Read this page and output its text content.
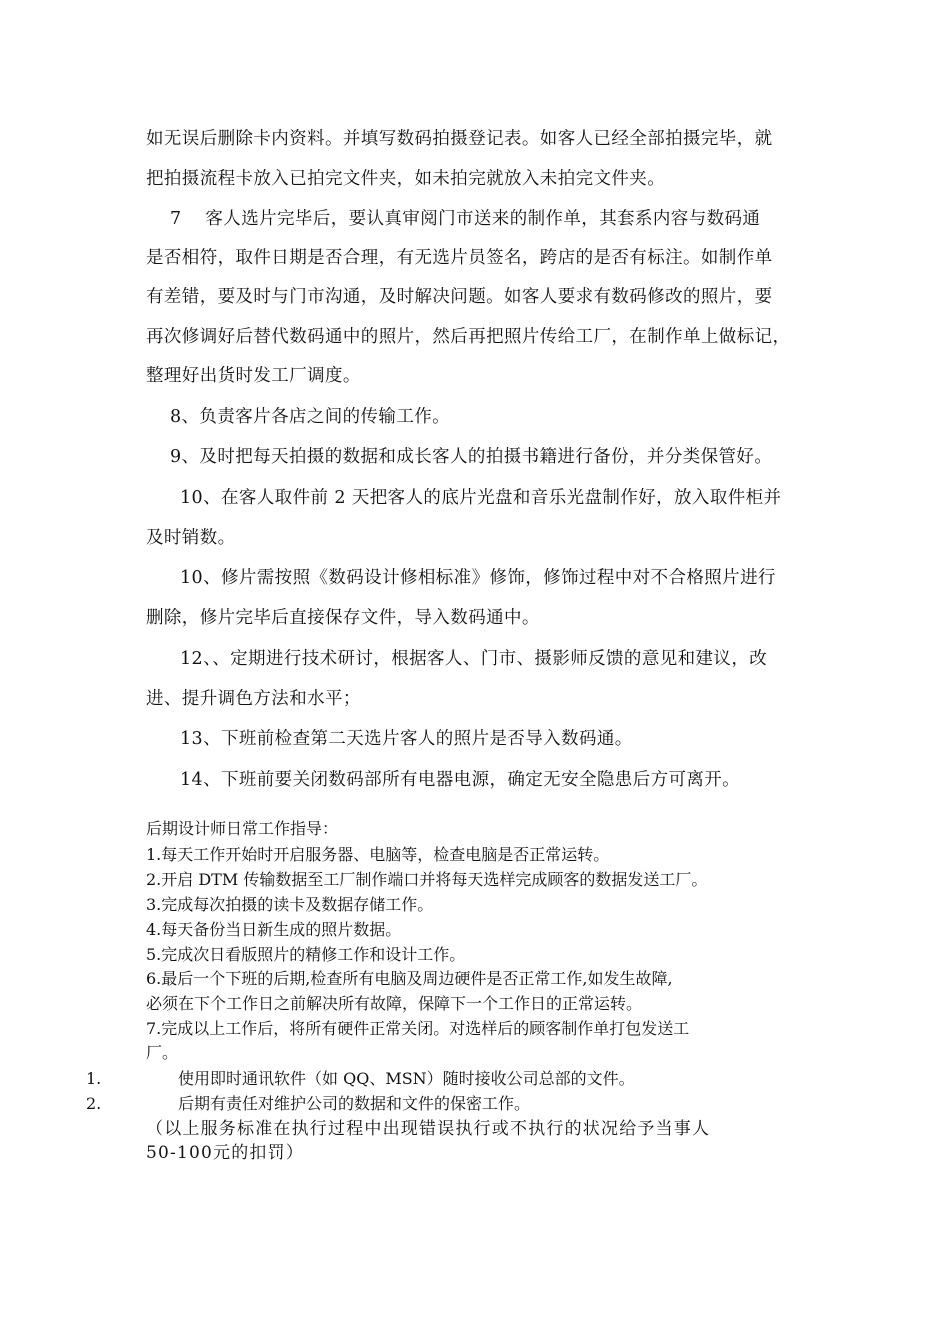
如无误后删除卡内资料。并填写数码拍摄登记表。如客人已经全部拍摄完毕，就
把拍摄流程卡放入已拍完文件夹，如未拍完就放入未拍完文件夹。
7　 客人选片完毕后，要认真审阅门市送来的制作单，其套系内容与数码通
是否相符，取件日期是否合理，有无选片员签名，跨店的是否有标注。如制作单
有差错，要及时与门市沟通，及时解决问题。如客人要求有数码修改的照片，要
再次修调好后替代数码通中的照片，然后再把照片传给工厂，在制作单上做标记，
整理好出货时发工厂调度。
8、负责客片各店之间的传输工作。
9、及时把每天拍摄的数据和成长客人的拍摄书籍进行备份，并分类保管好。
10、在客人取件前 2 天把客人的底片光盘和音乐光盘制作好，放入取件柜并
及时销数。
10、修片需按照《数码设计修相标准》修饰，修饰过程中对不合格照片进行
删除，修片完毕后直接保存文件，导入数码通中。
12、、定期进行技术研讨，根据客人、门市、摄影师反馈的意见和建议，改
进、提升调色方法和水平；
13、下班前检查第二天选片客人的照片是否导入数码通。
14、下班前要关闭数码部所有电器电源，确定无安全隐患后方可离开。
后期设计师日常工作指导：
1.每天工作开始时开启服务器、电脑等，检查电脑是否正常运转。
2.开启 DTM 传输数据至工厂制作端口并将每天选样完成顾客的数据发送工厂。
3.完成每次拍摄的读卡及数据存储工作。
4.每天备份当日新生成的照片数据。
5.完成次日看版照片的精修工作和设计工作。
6.最后一个下班的后期,检查所有电脑及周边硬件是否正常工作,如发生故障,
必须在下个工作日之前解决所有故障，保障下一个工作日的正常运转。
7.完成以上工作后，将所有硬件正常关闭。对选样后的顾客制作单打包发送工
厂。
1.	使用即时通讯软件（如 QQ、MSN）随时接收公司总部的文件。
2.	后期有责任对维护公司的数据和文件的保密工作。
（以上服务标准在执行过程中出现错误执行或不执行的状况给予当事人
50-100元的扣罚）
